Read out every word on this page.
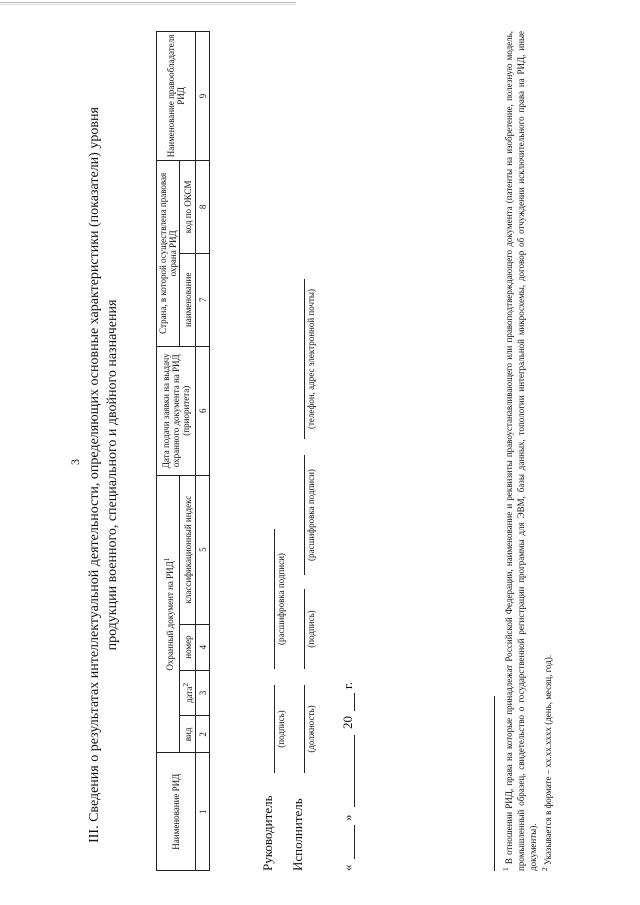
3 III. Сведения о результатах интеллектуальной деятельности, определяющих основные характеристики (показатели) уровня продукции военного, специального и двойного назначения
Наименование РИД	Охранный документ на РИД$^1$				Дата подачи заявки на выдачу охранного документа на РИД (приоритета)	Страна, в которой осуществлена правовая охрана РИД		Наименование правообладателя РИД
	вид	дата$^2$	номер	классификационный индекс		наименование	код по ОКСМ	
1	2	3	4	5	6	7	8	9
Руководитель
(подпись)
(расшифровка подписи)
Исполнитель
(должность)
(подпись)
(расшифровка подписи)
(телефон, адрес электронной почты)
«
»
20
г.
$^1$ В отношении РИД, права на которые принадлежат Российской Федерации, наименование и реквизиты правоустанавливающего или правоподтверждающего документа (патенты на изобретение, полезную модель, промышленный образец, свидетельство о государственной регистрации программы для ЭВМ, базы данных, топологии интегральной микросхемы, договор об отчуждении исключительного права на РИД, иные документы). $^2$ Указывается в формате – хх.хх.хххх (день, месяц, год).
